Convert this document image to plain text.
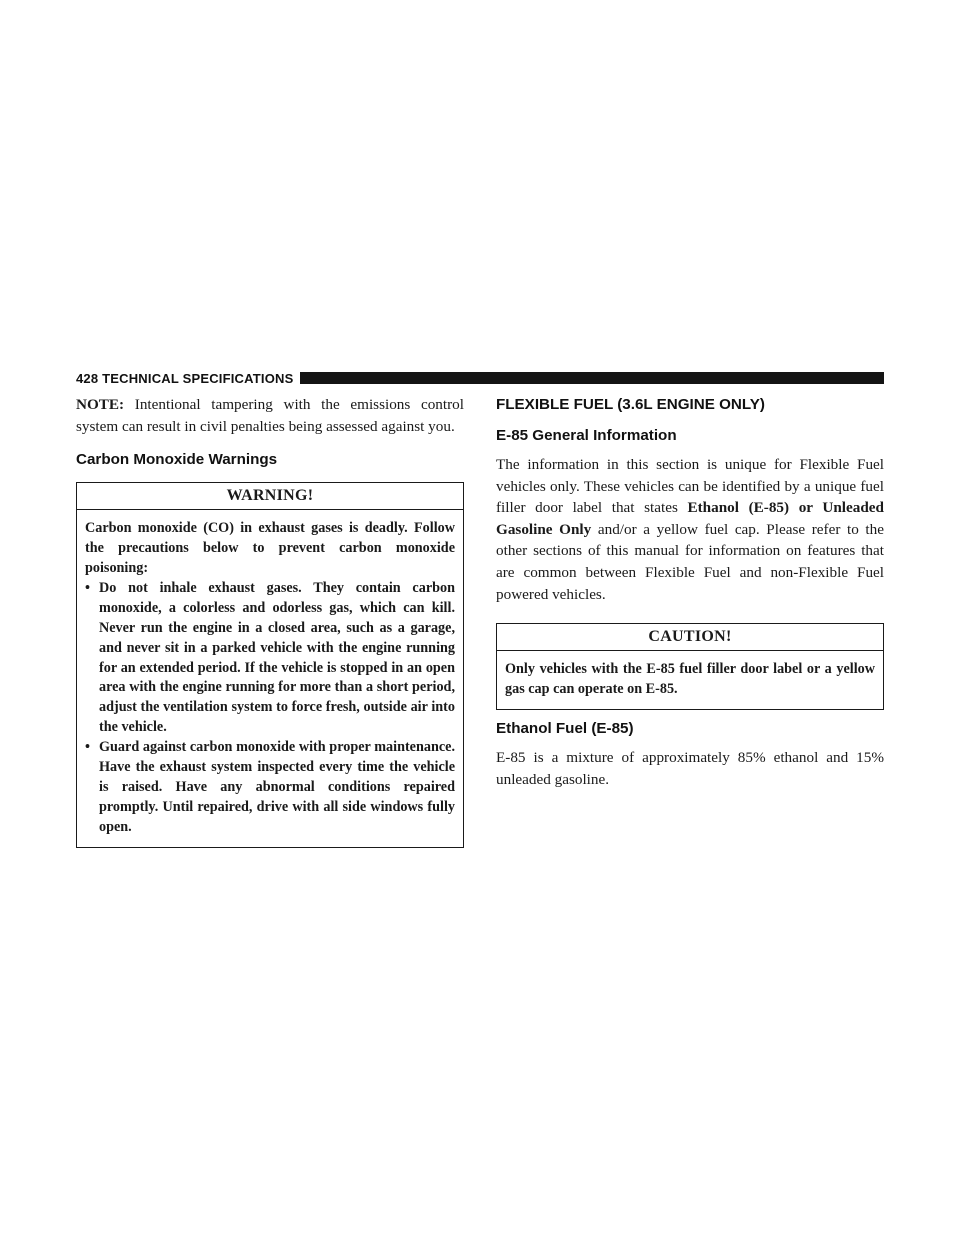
428 TECHNICAL SPECIFICATIONS

NOTE: Intentional tampering with the emissions control system can result in civil penalties being assessed against you.

Carbon Monoxide Warnings
WARNING!
Carbon monoxide (CO) in exhaust gases is deadly. Follow the precautions below to prevent carbon monoxide poisoning:
• Do not inhale exhaust gases. They contain carbon monoxide, a colorless and odorless gas, which can kill. Never run the engine in a closed area, such as a garage, and never sit in a parked vehicle with the engine running for an extended period. If the vehicle is stopped in an open area with the engine running for more than a short period, adjust the ventilation system to force fresh, outside air into the vehicle.
• Guard against carbon monoxide with proper maintenance. Have the exhaust system inspected every time the vehicle is raised. Have any abnormal conditions repaired promptly. Until repaired, drive with all side windows fully open.
FLEXIBLE FUEL (3.6L ENGINE ONLY)
E-85 General Information

The information in this section is unique for Flexible Fuel vehicles only. These vehicles can be identified by a unique fuel filler door label that states Ethanol (E-85) or Unleaded Gasoline Only and/or a yellow fuel cap. Please refer to the other sections of this manual for information on features that are common between Flexible Fuel and non-Flexible Fuel powered vehicles.

CAUTION!
Only vehicles with the E-85 fuel filler door label or a yellow gas cap can operate on E-85.
Ethanol Fuel (E-85)

E-85 is a mixture of approximately 85% ethanol and 15% unleaded gasoline.
